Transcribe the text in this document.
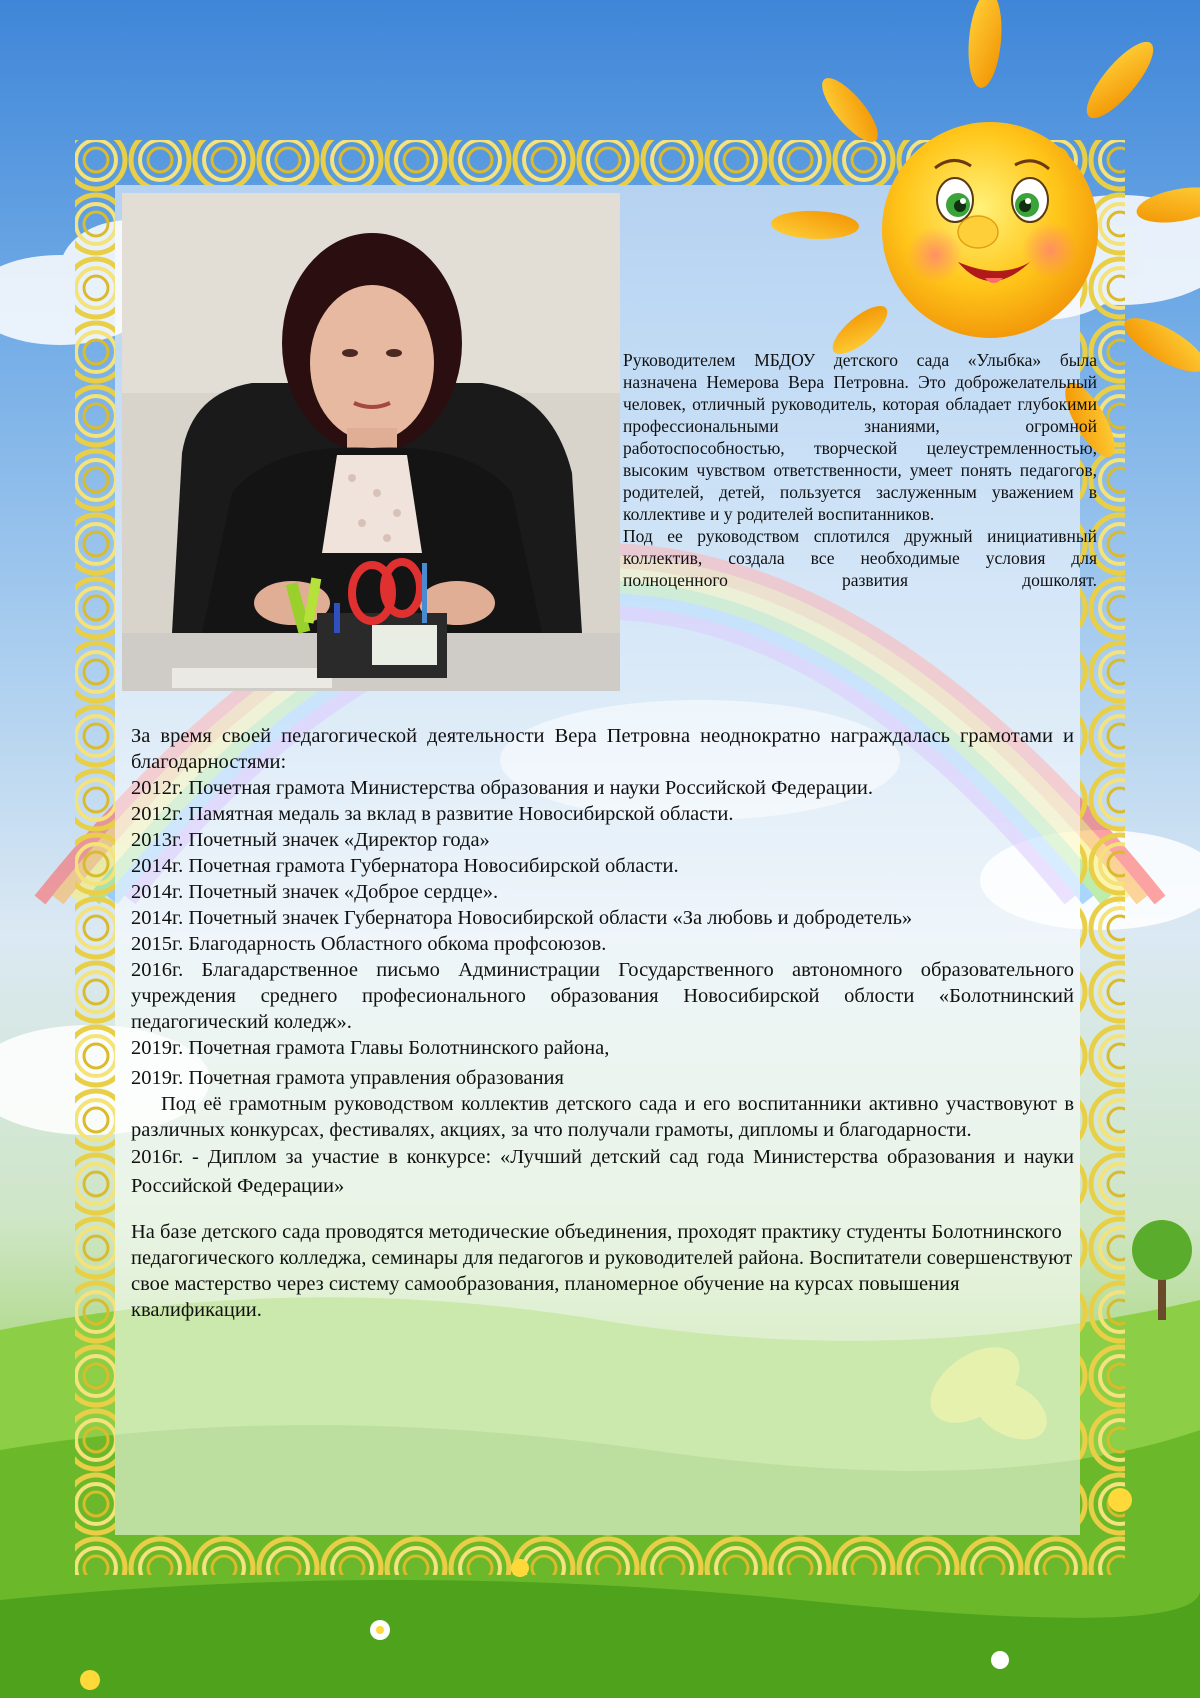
Руководителем МБДОУ детского сада «Улыбка» была назначена Немерова Вера Петровна. Это доброжелательный человек, отличный руководитель, которая обладает глубокими профессиональными знаниями, огромной работоспособностью, творческой целеустремленностью, высоким чувством ответственности, умеет понять педагогов, родителей, детей, пользуется заслуженным уважением в коллективе и у родителей воспитанников.

Под ее руководством сплотился дружный инициативный коллектив, создала все необходимые условия для полноценного развития дошколят.

За время своей педагогической деятельности Вера Петровна неоднократно награждалась грамотами и благодарностями:

2012г. Почетная грамота Министерства образования и науки Российской Федерации.

2012г. Памятная медаль за вклад в развитие Новосибирской области.

2013г. Почетный значек «Директор года»

2014г. Почетная грамота Губернатора Новосибирской области.

2014г. Почетный значек «Доброе сердце».

2014г. Почетный значек Губернатора Новосибирской области «За любовь и добродетель»

2015г. Благодарность Областного обкома профсоюзов.

2016г. Благадарственное письмо Администрации Государственного автономного образовательного учреждения среднего професионального образования Новосибирской облости «Болотнинский педагогический коледж».

2019г. Почетная грамота Главы Болотнинского района,

2019г. Почетная грамота управления образования

Под её грамотным руководством коллектив детского сада и его воспитанники активно участвовуют в различных конкурсах, фестивалях, акциях, за что получали грамоты, дипломы и благодарности.

2016г. - Диплом за участие в конкурсе: «Лучший детский сад года Министерства образования и науки Российской Федерации»

На базе детского сада проводятся методические объединения, проходят практику студенты Болотнинского педагогического колледжа, семинары для педагогов и руководителей района. Воспитатели совершенствуют свое мастерство через систему самообразования, планомерное обучение на курсах повышения квалификации.
